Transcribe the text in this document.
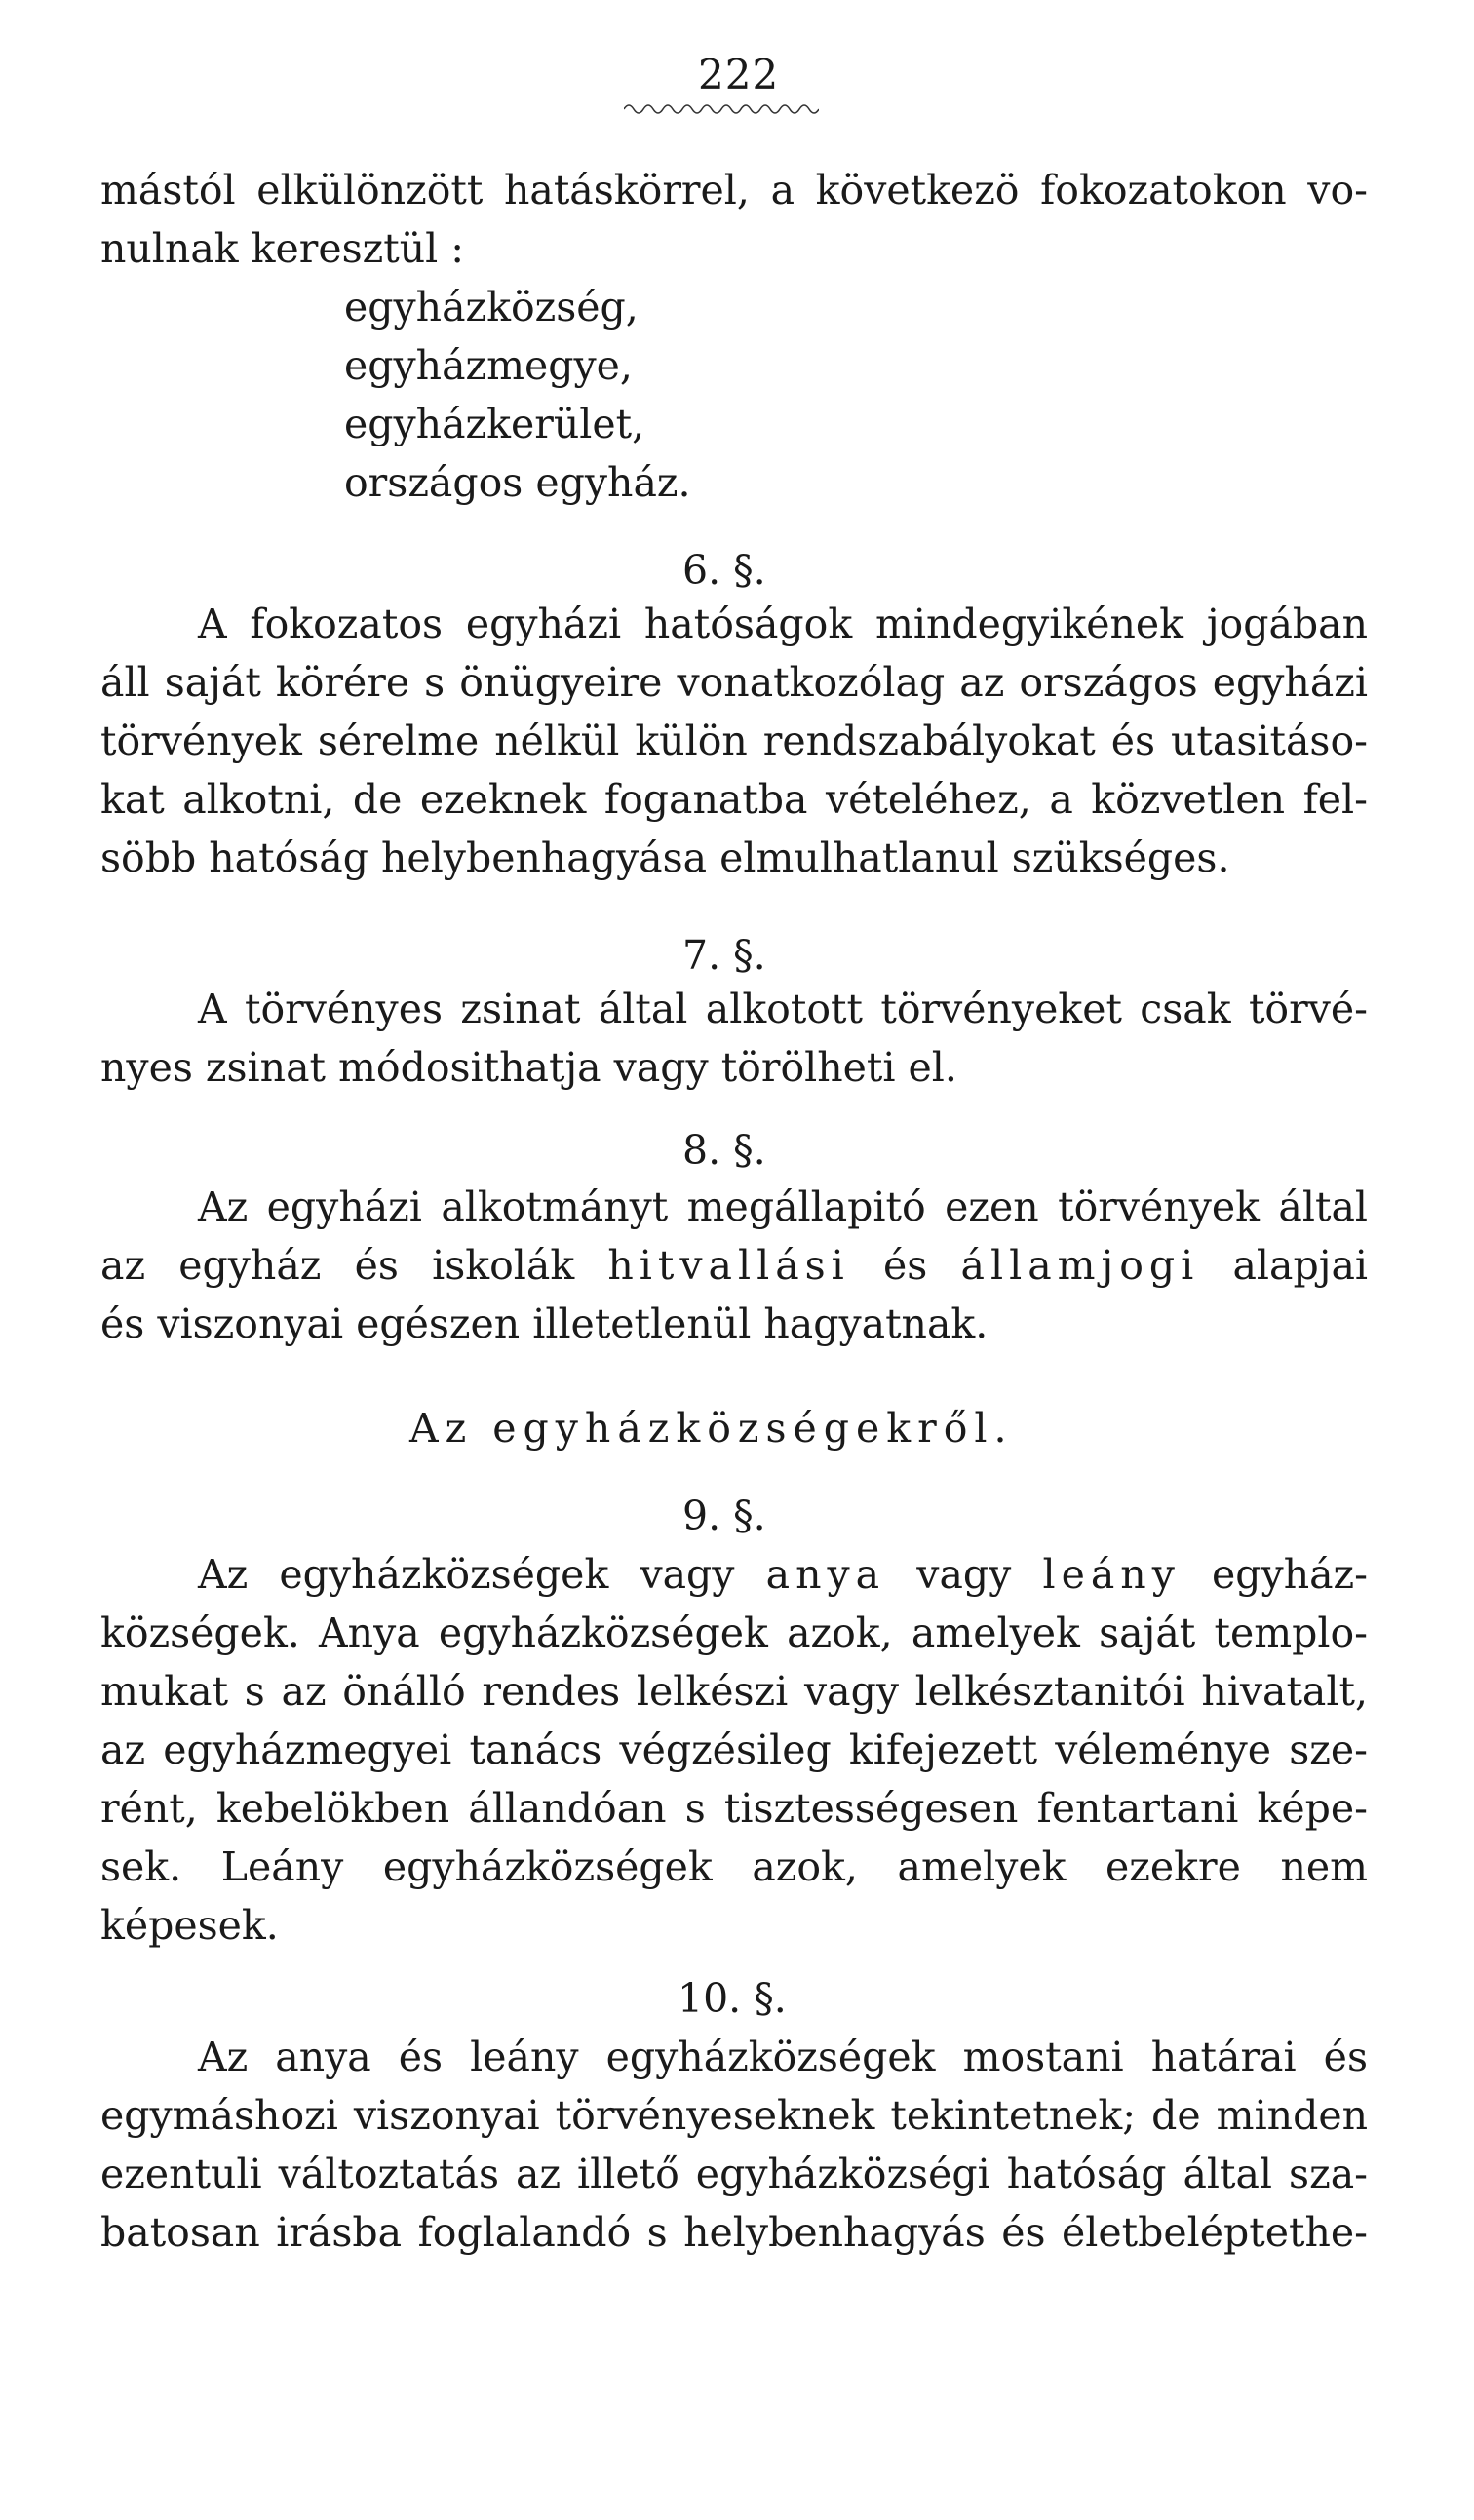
222
mástól elkülönzött hatáskörrel, a következö fokozatokon vo-
nulnak keresztül :
egyházközség,
egyházmegye,
egyházkerület,
országos egyház.
6. §.
A fokozatos egyházi hatóságok mindegyikének jogában
áll saját körére s önügyeire vonatkozólag az országos egyházi
törvények sérelme nélkül külön rendszabályokat és utasitáso-
kat alkotni, de ezeknek foganatba vételéhez, a közvetlen fel-
söbb hatóság helybenhagyása elmulhatlanul szükséges.
7. §.
A törvényes zsinat által alkotott törvényeket csak törvé-
nyes zsinat módosithatja vagy törölheti el.
8. §.
Az egyházi alkotmányt megállapitó ezen törvények által
az egyház és iskolák hitvallási és államjogi alapjai
és viszonyai egészen illetetlenül hagyatnak.
Az egyházközségekről.
9. §.
Az egyházközségek vagy anya vagy leány egyház-
községek. Anya egyházközségek azok, amelyek saját templo-
mukat s az önálló rendes lelkészi vagy lelkésztanitói hivatalt,
az egyházmegyei tanács végzésileg kifejezett véleménye sze-
rént, kebelökben állandóan s tisztességesen fentartani képe-
sek. Leány egyházközségek azok, amelyek ezekre nem
képesek.
10. §.
Az anya és leány egyházközségek mostani határai és
egymáshozi viszonyai törvényeseknek tekintetnek; de minden
ezentuli változtatás az illető egyházközségi hatóság által sza-
batosan irásba foglalandó s helybenhagyás és életbeléptethe-
